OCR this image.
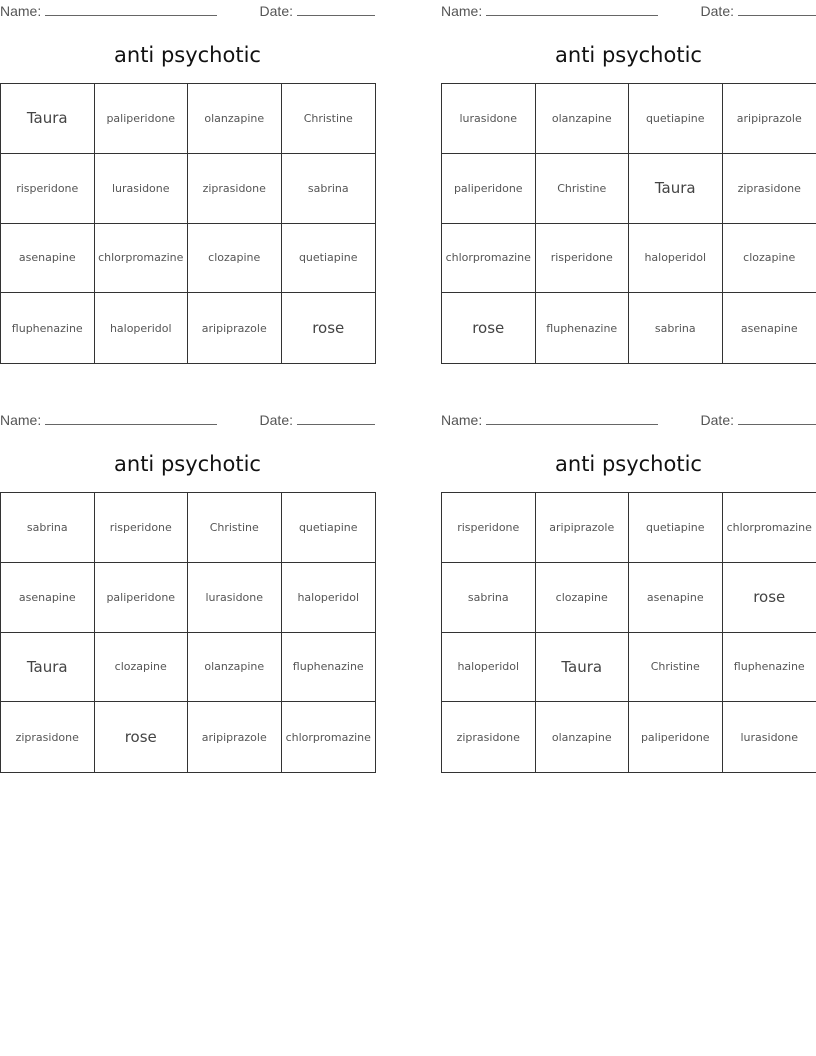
Name:	Date:
anti psychotic
Taura	paliperidone	olanzapine	Christine
risperidone	lurasidone	ziprasidone	sabrina
asenapine	chlorpromazine	clozapine	quetiapine
fluphenazine	haloperidol	aripiprazole	rose
Name:	Date:
anti psychotic
lurasidone	olanzapine	quetiapine	aripiprazole
paliperidone	Christine	Taura	ziprasidone
chlorpromazine	risperidone	haloperidol	clozapine
rose	fluphenazine	sabrina	asenapine
Name:	Date:
anti psychotic
sabrina	risperidone	Christine	quetiapine
asenapine	paliperidone	lurasidone	haloperidol
Taura	clozapine	olanzapine	fluphenazine
ziprasidone	rose	aripiprazole	chlorpromazine
Name:	Date:
anti psychotic
risperidone	aripiprazole	quetiapine	chlorpromazine
sabrina	clozapine	asenapine	rose
haloperidol	Taura	Christine	fluphenazine
ziprasidone	olanzapine	paliperidone	lurasidone
